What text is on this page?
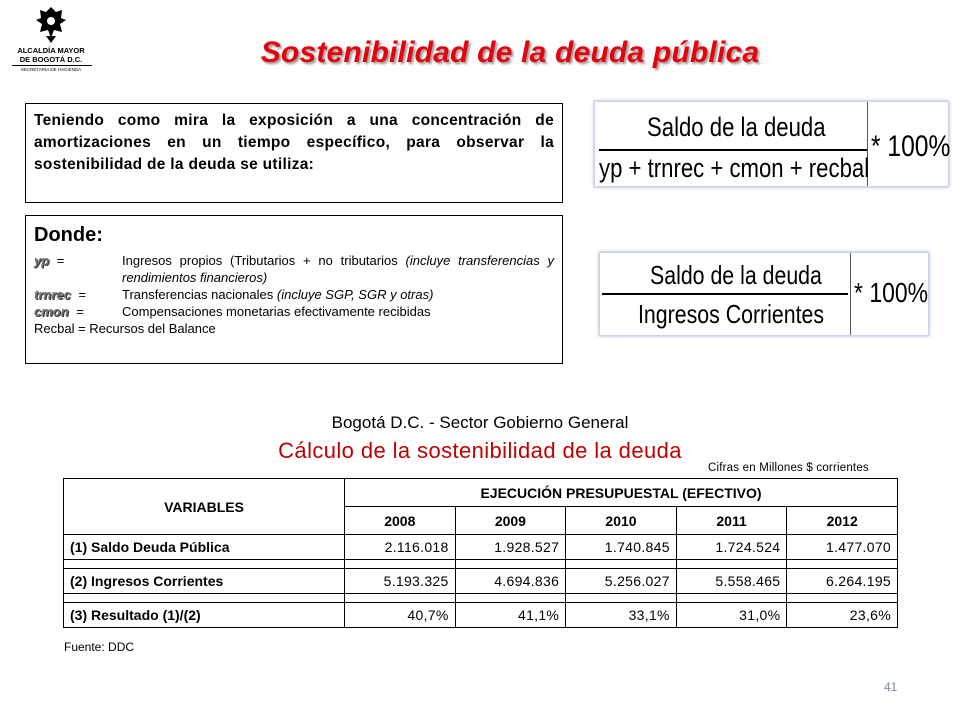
ALCALDÍA MAYOR
DE BOGOTÁ D.C.
SECRETARÍA DE HACIENDA
Sostenibilidad de la deuda pública
Teniendo como mira la exposición a una concentración de amortizaciones en un tiempo específico, para observar la sostenibilidad de la deuda se utiliza:
Donde:
yp =	Ingresos propios (Tributarios + no tributarios (incluye transferencias y rendimientos financieros)
trnrec =	Transferencias nacionales (incluye SGP, SGR y otras)
cmon =	Compensaciones monetarias efectivamente recibidas
Recbal = Recursos del Balance
Saldo de la deuda
yp + trnrec + cmon + recbal
* 100%
Saldo de la deuda
Ingresos Corrientes
* 100%
Bogotá D.C. - Sector Gobierno General
Cálculo de la sostenibilidad de la deuda
Cifras en Millones $ corrientes
VARIABLES	EJECUCIÓN PRESUPUESTAL (EFECTIVO)				
	2008	2009	2010	2011	2012
(1) Saldo Deuda Pública	2.116.018	1.928.527	1.740.845	1.724.524	1.477.070

(2) Ingresos Corrientes	5.193.325	4.694.836	5.256.027	5.558.465	6.264.195

(3) Resultado (1)/(2)	40,7%	41,1%	33,1%	31,0%	23,6%
Fuente: DDC
41
